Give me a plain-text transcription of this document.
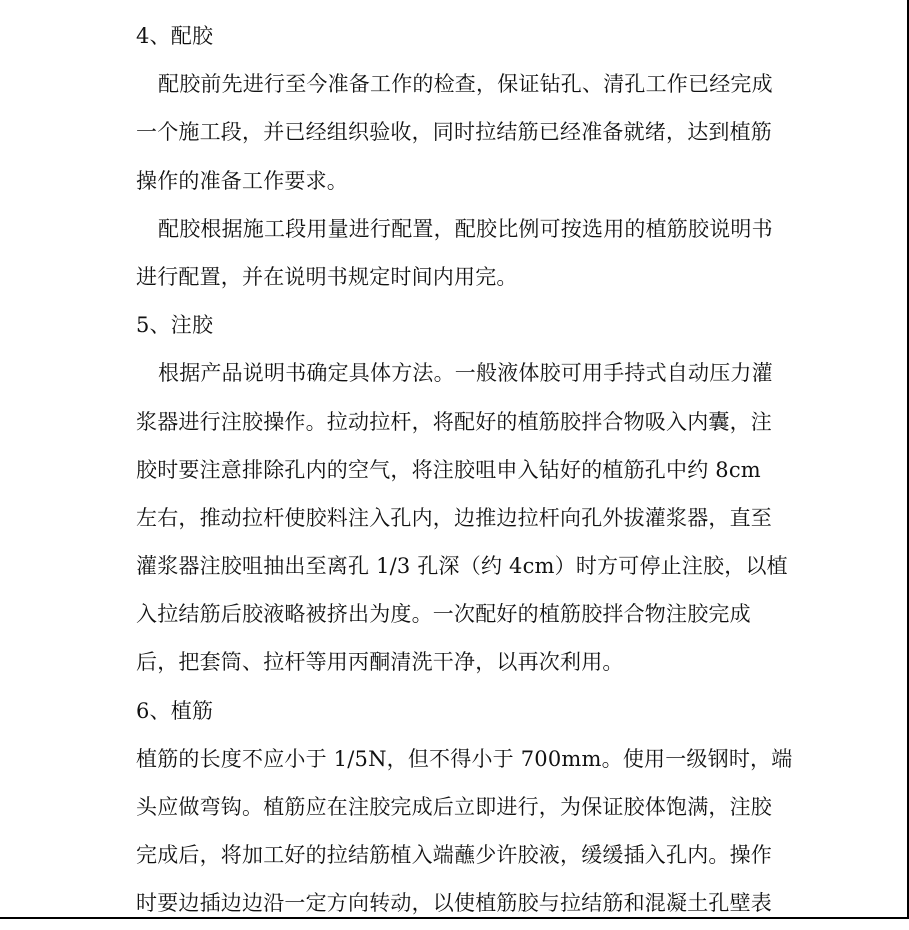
4、配胶
配胶前先进行至今准备工作的检查，保证钻孔、清孔工作已经完成
一个施工段，并已经组织验收，同时拉结筋已经准备就绪，达到植筋
操作的准备工作要求。
配胶根据施工段用量进行配置，配胶比例可按选用的植筋胶说明书
进行配置，并在说明书规定时间内用完。
5、注胶
根据产品说明书确定具体方法。一般液体胶可用手持式自动压力灌
浆器进行注胶操作。拉动拉杆，将配好的植筋胶拌合物吸入内囊，注
胶时要注意排除孔内的空气，将注胶咀申入钻好的植筋孔中约 8cm
左右，推动拉杆使胶料注入孔内，边推边拉杆向孔外拔灌浆器，直至
灌浆器注胶咀抽出至离孔 1/3 孔深（约 4cm）时方可停止注胶，以植
入拉结筋后胶液略被挤出为度。一次配好的植筋胶拌合物注胶完成
后，把套筒、拉杆等用丙酮清洗干净，以再次利用。
6、植筋
植筋的长度不应小于 1/5N，但不得小于 700mm。使用一级钢时，端
头应做弯钩。植筋应在注胶完成后立即进行，为保证胶体饱满，注胶
完成后，将加工好的拉结筋植入端蘸少许胶液，缓缓插入孔内。操作
时要边插边边沿一定方向转动，以使植筋胶与拉结筋和混凝土孔壁表
